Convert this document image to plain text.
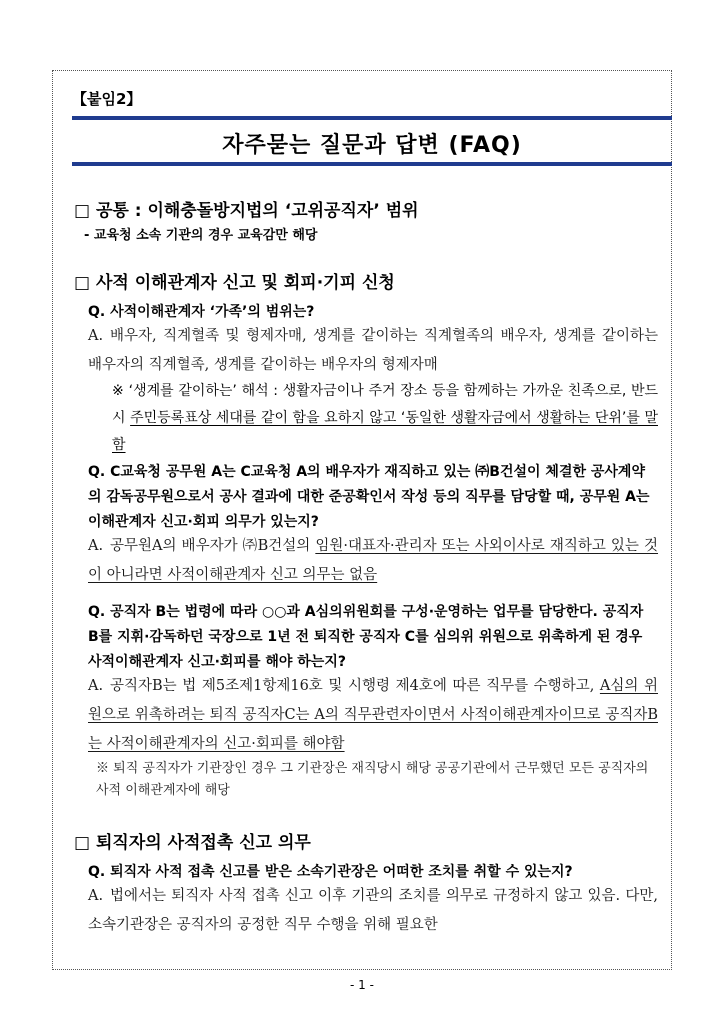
【붙임2】
자주묻는 질문과 답변 (FAQ)
□ 공통 : 이해충돌방지법의 ‘고위공직자’ 범위
- 교육청 소속 기관의 경우 교육감만 해당
□ 사적 이해관계자 신고 및 회피·기피 신청
Q. 사적이해관계자 ‘가족’의 범위는?
A. 배우자, 직계혈족 및 형제자매, 생계를 같이하는 직계혈족의 배우자, 생계를 같이하는 배우자의 직계혈족, 생계를 같이하는 배우자의 형제자매
※ ‘생계를 같이하는’ 해석 : 생활자금이나 주거 장소 등을 함께하는 가까운 친족으로, 반드시 주민등록표상 세대를 같이 함을 요하지 않고 ‘동일한 생활자금에서 생활하는 단위’를 말함
Q. C교육청 공무원 A는 C교육청 A의 배우자가 재직하고 있는 ㈜B건설이 체결한 공사계약의 감독공무원으로서 공사 결과에 대한 준공확인서 작성 등의 직무를 담당할 때, 공무원 A는 이해관계자 신고·회피 의무가 있는지?
A. 공무원A의 배우자가 ㈜B건설의 임원·대표자·관리자 또는 사외이사로 재직하고 있는 것이 아니라면 사적이해관계자 신고 의무는 없음
Q. 공직자 B는 법령에 따라 ○○과 A심의위원회를 구성·운영하는 업무를 담당한다. 공직자 B를 지휘·감독하던 국장으로 1년 전 퇴직한 공직자 C를 심의위 위원으로 위촉하게 된 경우 사적이해관계자 신고·회피를 해야 하는지?
A. 공직자B는 법 제5조제1항제16호 및 시행령 제4호에 따른 직무를 수행하고, A심의 위원으로 위촉하려는 퇴직 공직자C는 A의 직무관련자이면서 사적이해관계자이므로 공직자B는 사적이해관계자의 신고·회피를 해야함
※ 퇴직 공직자가 기관장인 경우 그 기관장은 재직당시 해당 공공기관에서 근무했던 모든 공직자의 사적 이해관계자에 해당
□ 퇴직자의 사적접촉 신고 의무
Q. 퇴직자 사적 접촉 신고를 받은 소속기관장은 어떠한 조치를 취할 수 있는지?
A. 법에서는 퇴직자 사적 접촉 신고 이후 기관의 조치를 의무로 규정하지 않고 있음. 다만, 소속기관장은 공직자의 공정한 직무 수행을 위해 필요한
- 1 -
